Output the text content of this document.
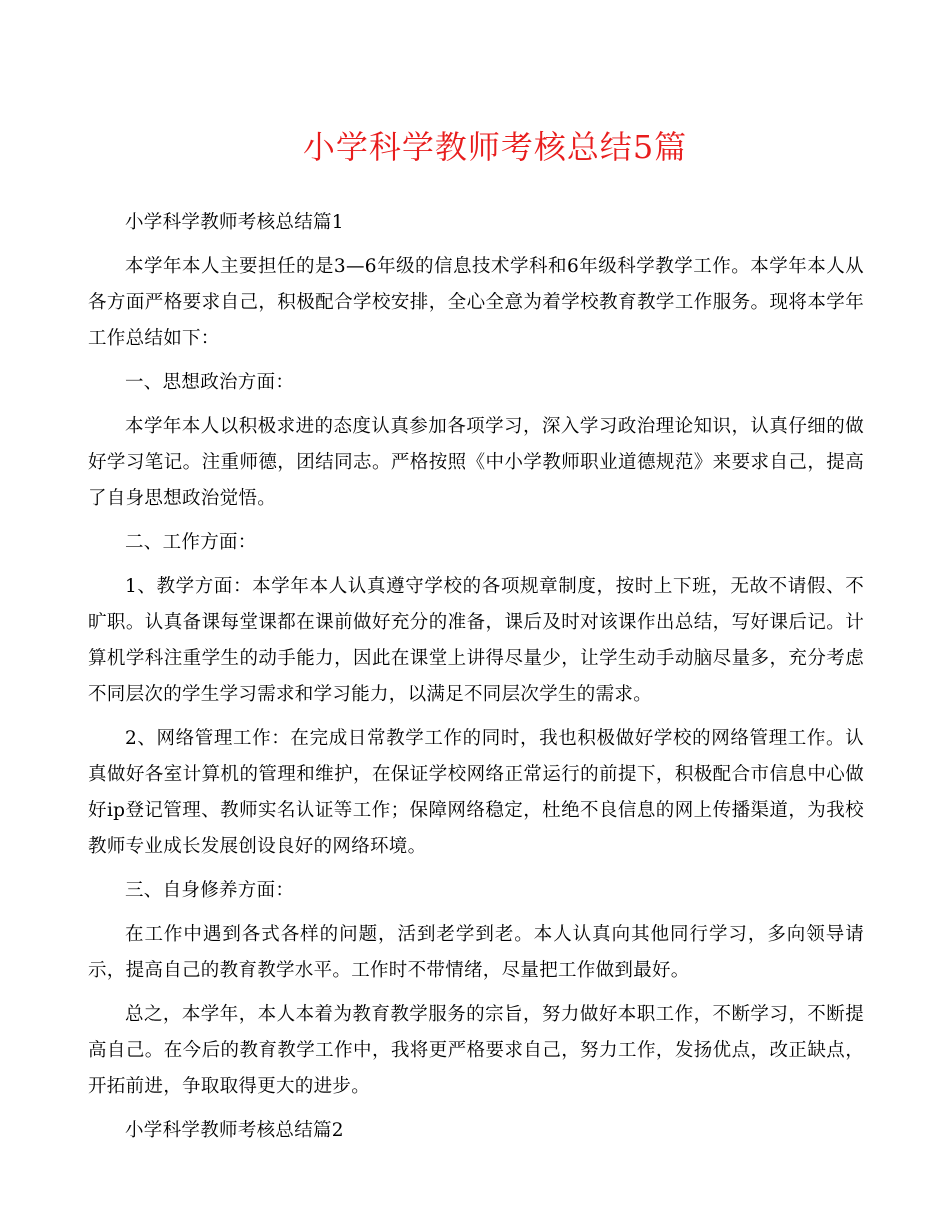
小学科学教师考核总结5篇

小学科学教师考核总结篇1

本学年本人主要担任的是3—6年级的信息技术学科和6年级科学教学工作。本学年本人从各方面严格要求自己，积极配合学校安排，全心全意为着学校教育教学工作服务。现将本学年工作总结如下：

一、思想政治方面：

本学年本人以积极求进的态度认真参加各项学习，深入学习政治理论知识，认真仔细的做好学习笔记。注重师德，团结同志。严格按照《中小学教师职业道德规范》来要求自己，提高了自身思想政治觉悟。

二、工作方面：

1、教学方面：本学年本人认真遵守学校的各项规章制度，按时上下班，无故不请假、不旷职。认真备课每堂课都在课前做好充分的准备，课后及时对该课作出总结，写好课后记。计算机学科注重学生的动手能力，因此在课堂上讲得尽量少，让学生动手动脑尽量多，充分考虑不同层次的学生学习需求和学习能力，以满足不同层次学生的需求。

2、网络管理工作：在完成日常教学工作的同时，我也积极做好学校的网络管理工作。认真做好各室计算机的管理和维护，在保证学校网络正常运行的前提下，积极配合市信息中心做好ip登记管理、教师实名认证等工作；保障网络稳定，杜绝不良信息的网上传播渠道，为我校教师专业成长发展创设良好的网络环境。

三、自身修养方面：

在工作中遇到各式各样的问题，活到老学到老。本人认真向其他同行学习，多向领导请示，提高自己的教育教学水平。工作时不带情绪，尽量把工作做到最好。

总之，本学年，本人本着为教育教学服务的宗旨，努力做好本职工作，不断学习，不断提高自己。在今后的教育教学工作中，我将更严格要求自己，努力工作，发扬优点，改正缺点，开拓前进，争取取得更大的进步。

小学科学教师考核总结篇2
